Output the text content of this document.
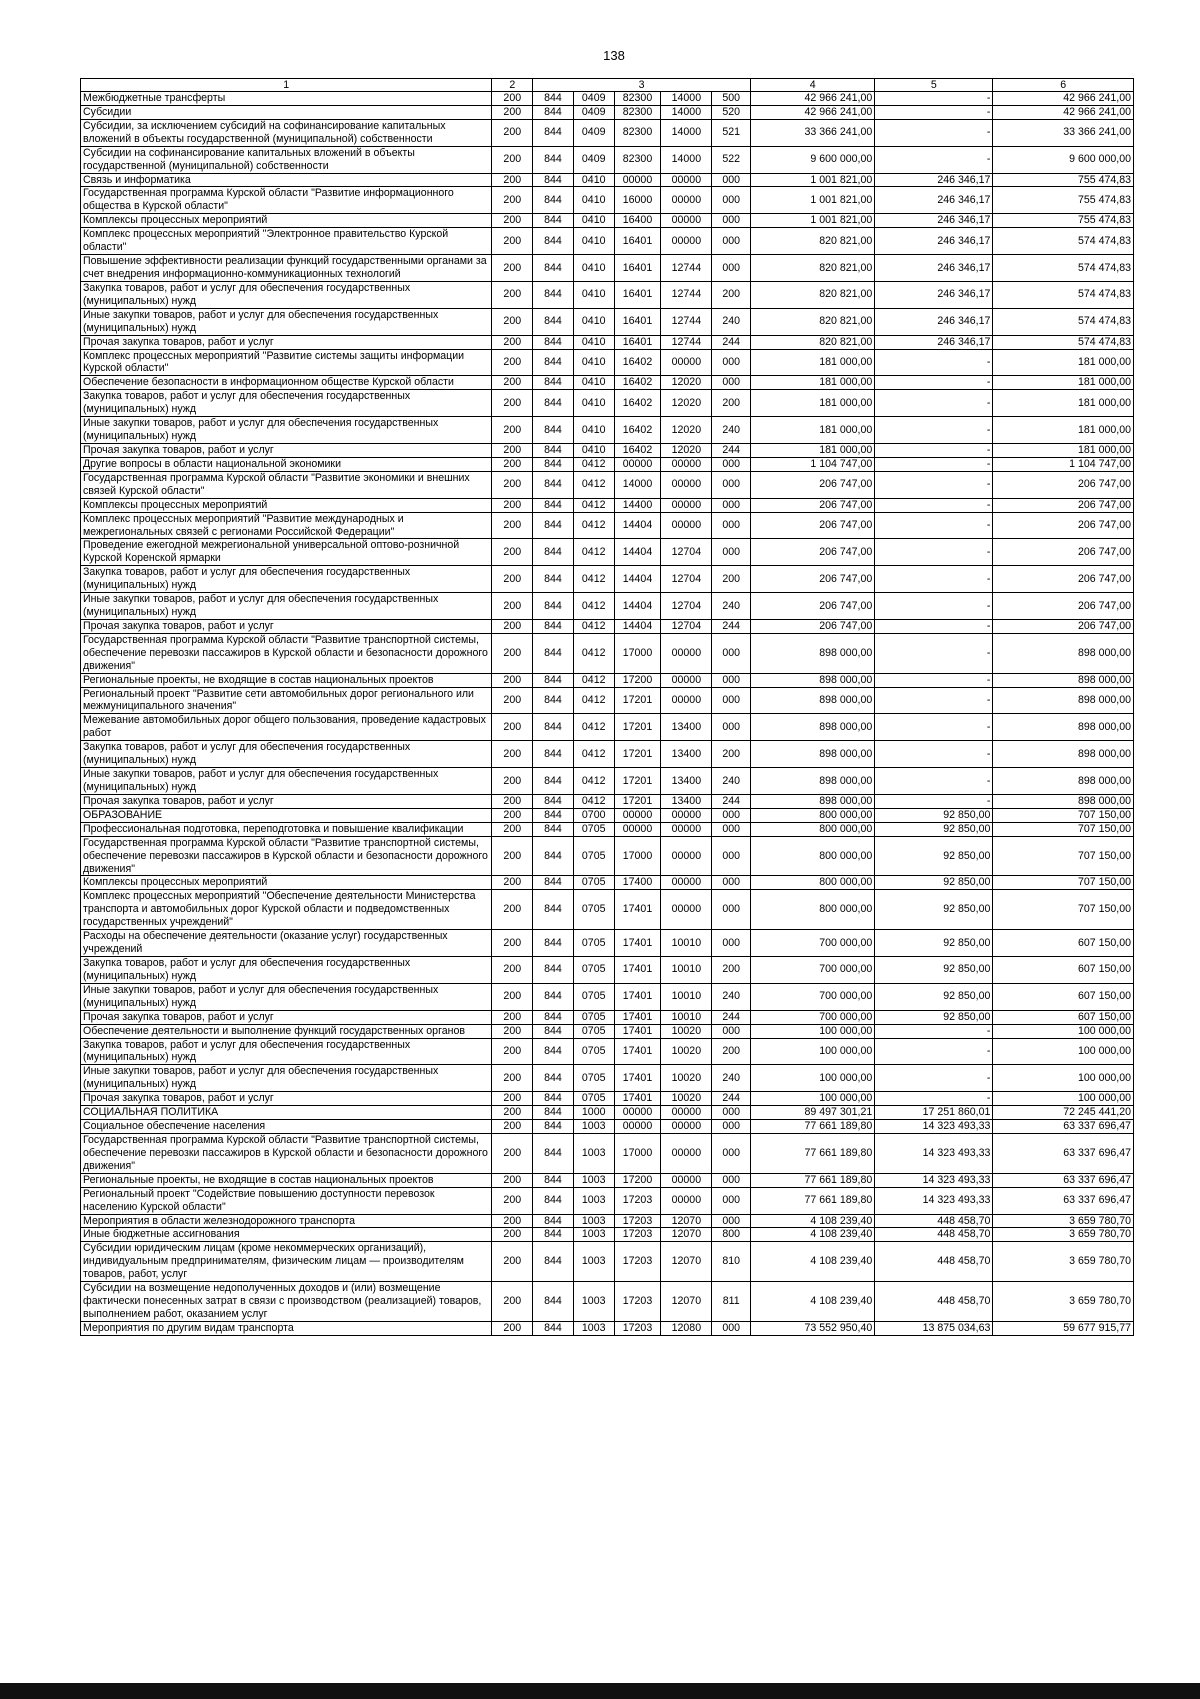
138
1	2	3					4	5	6
Межбюджетные трансферты	200	844	0409	82300	14000	500	42 966 241,00	-	42 966 241,00
Субсидии	200	844	0409	82300	14000	520	42 966 241,00	-	42 966 241,00
Субсидии, за исключением субсидий на софинансирование капитальных вложений в объекты государственной (муниципальной) собственности	200	844	0409	82300	14000	521	33 366 241,00	-	33 366 241,00
Субсидии на софинансирование капитальных вложений в объекты государственной (муниципальной) собственности	200	844	0409	82300	14000	522	9 600 000,00	-	9 600 000,00
Связь и информатика	200	844	0410	00000	00000	000	1 001 821,00	246 346,17	755 474,83
Государственная программа Курской области "Развитие информационного общества в Курской области"	200	844	0410	16000	00000	000	1 001 821,00	246 346,17	755 474,83
Комплексы процессных мероприятий	200	844	0410	16400	00000	000	1 001 821,00	246 346,17	755 474,83
Комплекс процессных мероприятий "Электронное правительство Курской области"	200	844	0410	16401	00000	000	820 821,00	246 346,17	574 474,83
Повышение эффективности реализации функций государственными органами за счет внедрения информационно-коммуникационных технологий	200	844	0410	16401	12744	000	820 821,00	246 346,17	574 474,83
Закупка товаров, работ и услуг для обеспечения государственных (муниципальных) нужд	200	844	0410	16401	12744	200	820 821,00	246 346,17	574 474,83
Иные закупки товаров, работ и услуг для обеспечения государственных (муниципальных) нужд	200	844	0410	16401	12744	240	820 821,00	246 346,17	574 474,83
Прочая закупка товаров, работ и услуг	200	844	0410	16401	12744	244	820 821,00	246 346,17	574 474,83
Комплекс процессных мероприятий "Развитие системы защиты информации Курской области"	200	844	0410	16402	00000	000	181 000,00	-	181 000,00
Обеспечение безопасности в информационном обществе Курской области	200	844	0410	16402	12020	000	181 000,00	-	181 000,00
Закупка товаров, работ и услуг для обеспечения государственных (муниципальных) нужд	200	844	0410	16402	12020	200	181 000,00	-	181 000,00
Иные закупки товаров, работ и услуг для обеспечения государственных (муниципальных) нужд	200	844	0410	16402	12020	240	181 000,00	-	181 000,00
Прочая закупка товаров, работ и услуг	200	844	0410	16402	12020	244	181 000,00	-	181 000,00
Другие вопросы в области национальной экономики	200	844	0412	00000	00000	000	1 104 747,00	-	1 104 747,00
Государственная программа Курской области "Развитие экономики и внешних связей Курской области"	200	844	0412	14000	00000	000	206 747,00	-	206 747,00
Комплексы процессных мероприятий	200	844	0412	14400	00000	000	206 747,00	-	206 747,00
Комплекс процессных мероприятий "Развитие международных и межрегиональных связей с регионами Российской Федерации"	200	844	0412	14404	00000	000	206 747,00	-	206 747,00
Проведение ежегодной межрегиональной универсальной оптово-розничной Курской Коренской ярмарки	200	844	0412	14404	12704	000	206 747,00	-	206 747,00
Закупка товаров, работ и услуг для обеспечения государственных (муниципальных) нужд	200	844	0412	14404	12704	200	206 747,00	-	206 747,00
Иные закупки товаров, работ и услуг для обеспечения государственных (муниципальных) нужд	200	844	0412	14404	12704	240	206 747,00	-	206 747,00
Прочая закупка товаров, работ и услуг	200	844	0412	14404	12704	244	206 747,00	-	206 747,00
Государственная программа Курской области "Развитие транспортной системы, обеспечение перевозки пассажиров в Курской области и безопасности дорожного движения"	200	844	0412	17000	00000	000	898 000,00	-	898 000,00
Региональные проекты, не входящие в состав национальных проектов	200	844	0412	17200	00000	000	898 000,00	-	898 000,00
Региональный проект "Развитие сети автомобильных дорог регионального или межмуниципального значения"	200	844	0412	17201	00000	000	898 000,00	-	898 000,00
Межевание автомобильных дорог общего пользования, проведение кадастровых работ	200	844	0412	17201	13400	000	898 000,00	-	898 000,00
Закупка товаров, работ и услуг для обеспечения государственных (муниципальных) нужд	200	844	0412	17201	13400	200	898 000,00	-	898 000,00
Иные закупки товаров, работ и услуг для обеспечения государственных (муниципальных) нужд	200	844	0412	17201	13400	240	898 000,00	-	898 000,00
Прочая закупка товаров, работ и услуг	200	844	0412	17201	13400	244	898 000,00	-	898 000,00
ОБРАЗОВАНИЕ	200	844	0700	00000	00000	000	800 000,00	92 850,00	707 150,00
Профессиональная подготовка, переподготовка и повышение квалификации	200	844	0705	00000	00000	000	800 000,00	92 850,00	707 150,00
Государственная программа Курской области "Развитие транспортной системы, обеспечение перевозки пассажиров в Курской области и безопасности дорожного движения"	200	844	0705	17000	00000	000	800 000,00	92 850,00	707 150,00
Комплексы процессных мероприятий	200	844	0705	17400	00000	000	800 000,00	92 850,00	707 150,00
Комплекс процессных мероприятий "Обеспечение деятельности Министерства транспорта и автомобильных дорог Курской области и подведомственных государственных учреждений"	200	844	0705	17401	00000	000	800 000,00	92 850,00	707 150,00
Расходы на обеспечение деятельности (оказание услуг) государственных учреждений	200	844	0705	17401	10010	000	700 000,00	92 850,00	607 150,00
Закупка товаров, работ и услуг для обеспечения государственных (муниципальных) нужд	200	844	0705	17401	10010	200	700 000,00	92 850,00	607 150,00
Иные закупки товаров, работ и услуг для обеспечения государственных (муниципальных) нужд	200	844	0705	17401	10010	240	700 000,00	92 850,00	607 150,00
Прочая закупка товаров, работ и услуг	200	844	0705	17401	10010	244	700 000,00	92 850,00	607 150,00
Обеспечение деятельности и выполнение функций государственных органов	200	844	0705	17401	10020	000	100 000,00	-	100 000,00
Закупка товаров, работ и услуг для обеспечения государственных (муниципальных) нужд	200	844	0705	17401	10020	200	100 000,00	-	100 000,00
Иные закупки товаров, работ и услуг для обеспечения государственных (муниципальных) нужд	200	844	0705	17401	10020	240	100 000,00	-	100 000,00
Прочая закупка товаров, работ и услуг	200	844	0705	17401	10020	244	100 000,00	-	100 000,00
СОЦИАЛЬНАЯ ПОЛИТИКА	200	844	1000	00000	00000	000	89 497 301,21	17 251 860,01	72 245 441,20
Социальное обеспечение населения	200	844	1003	00000	00000	000	77 661 189,80	14 323 493,33	63 337 696,47
Государственная программа Курской области "Развитие транспортной системы, обеспечение перевозки пассажиров в Курской области и безопасности дорожного движения"	200	844	1003	17000	00000	000	77 661 189,80	14 323 493,33	63 337 696,47
Региональные проекты, не входящие в состав национальных проектов	200	844	1003	17200	00000	000	77 661 189,80	14 323 493,33	63 337 696,47
Региональный проект "Содействие повышению доступности перевозок населению Курской области"	200	844	1003	17203	00000	000	77 661 189,80	14 323 493,33	63 337 696,47
Мероприятия в области железнодорожного транспорта	200	844	1003	17203	12070	000	4 108 239,40	448 458,70	3 659 780,70
Иные бюджетные ассигнования	200	844	1003	17203	12070	800	4 108 239,40	448 458,70	3 659 780,70
Субсидии юридическим лицам (кроме некоммерческих организаций), индивидуальным предпринимателям, физическим лицам — производителям товаров, работ, услуг	200	844	1003	17203	12070	810	4 108 239,40	448 458,70	3 659 780,70
Субсидии на возмещение недополученных доходов и (или) возмещение фактически понесенных затрат в связи с производством (реализацией) товаров, выполнением работ, оказанием услуг	200	844	1003	17203	12070	811	4 108 239,40	448 458,70	3 659 780,70
Мероприятия по другим видам транспорта	200	844	1003	17203	12080	000	73 552 950,40	13 875 034,63	59 677 915,77
